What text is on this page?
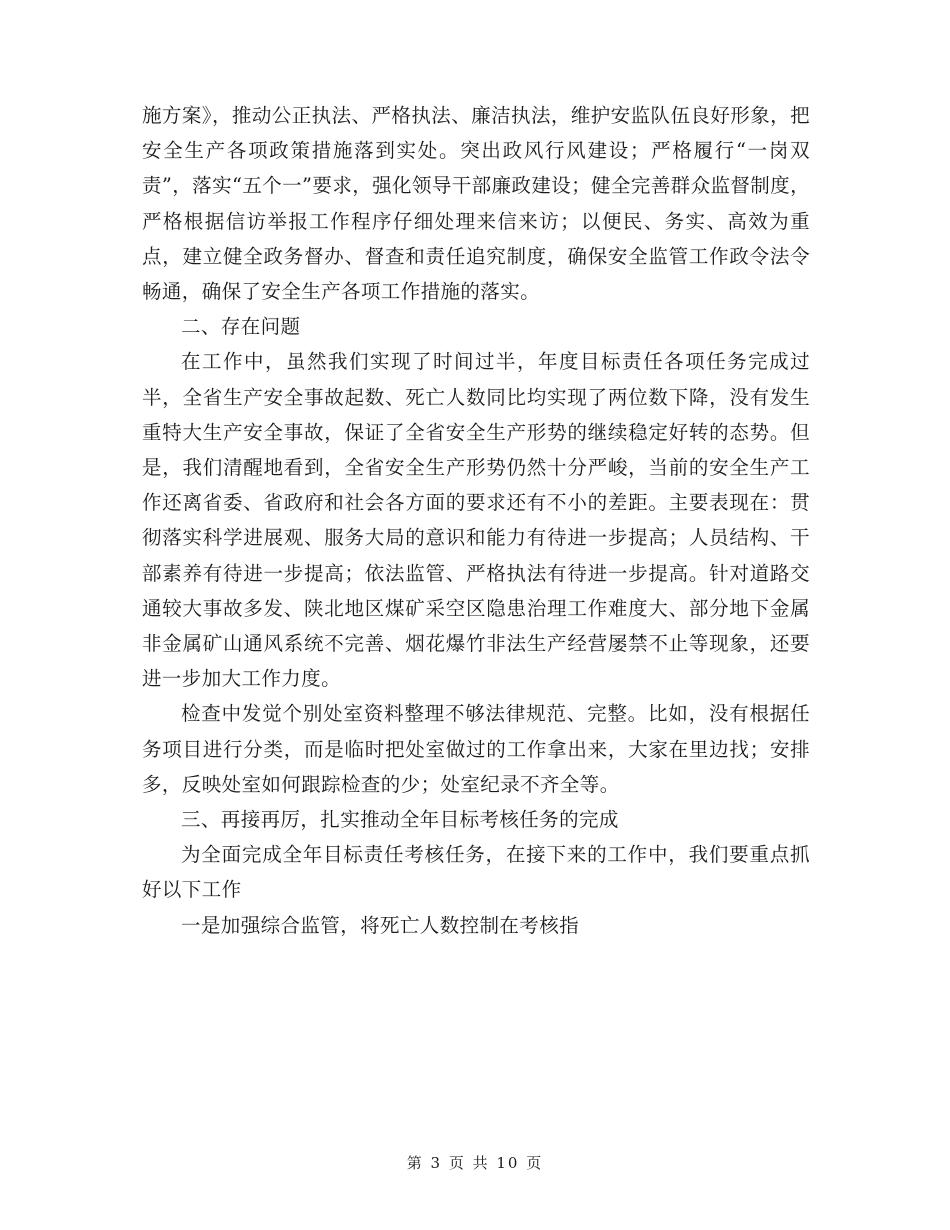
施方案》，推动公正执法、严格执法、廉洁执法，维护安监队伍良好形象，把安全生产各项政策措施落到实处。突出政风行风建设；严格履行“一岗双责”，落实“五个一”要求，强化领导干部廉政建设；健全完善群众监督制度，严格根据信访举报工作程序仔细处理来信来访；以便民、务实、高效为重点，建立健全政务督办、督查和责任追究制度，确保安全监管工作政令法令畅通，确保了安全生产各项工作措施的落实。

二、存在问题

在工作中，虽然我们实现了时间过半，年度目标责任各项任务完成过半，全省生产安全事故起数、死亡人数同比均实现了两位数下降，没有发生重特大生产安全事故，保证了全省安全生产形势的继续稳定好转的态势。但是，我们清醒地看到，全省安全生产形势仍然十分严峻，当前的安全生产工作还离省委、省政府和社会各方面的要求还有不小的差距。主要表现在：贯彻落实科学进展观、服务大局的意识和能力有待进一步提高；人员结构、干部素养有待进一步提高；依法监管、严格执法有待进一步提高。针对道路交通较大事故多发、陕北地区煤矿采空区隐患治理工作难度大、部分地下金属非金属矿山通风系统不完善、烟花爆竹非法生产经营屡禁不止等现象，还要进一步加大工作力度。

检查中发觉个别处室资料整理不够法律规范、完整。比如，没有根据任务项目进行分类，而是临时把处室做过的工作拿出来，大家在里边找；安排多，反映处室如何跟踪检查的少；处室纪录不齐全等。

三、再接再厉，扎实推动全年目标考核任务的完成

为全面完成全年目标责任考核任务，在接下来的工作中，我们要重点抓好以下工作

一是加强综合监管，将死亡人数控制在考核指

第 3 页 共 10 页
